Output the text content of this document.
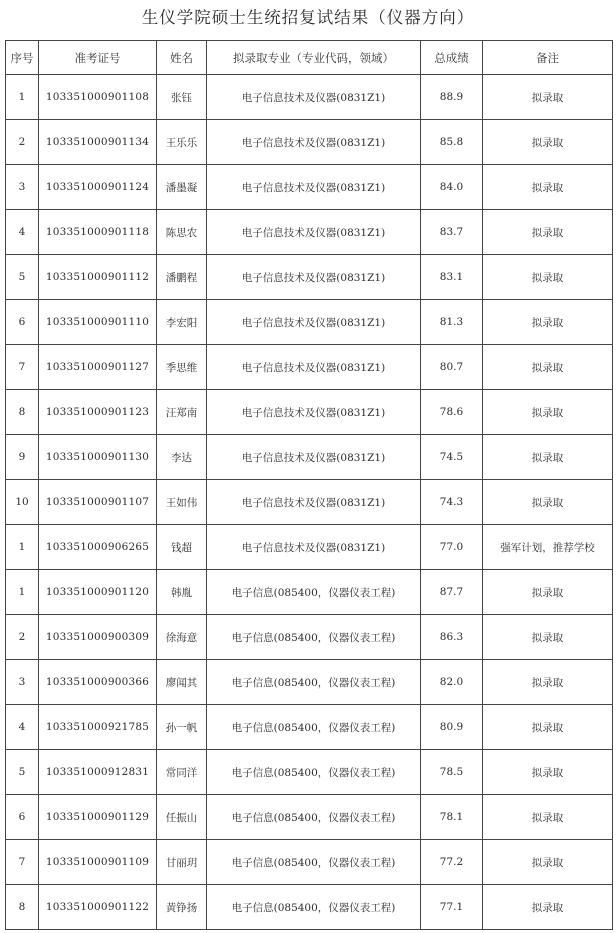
生仪学院硕士生统招复试结果（仪器方向）
序号	准考证号	姓名	拟录取专业（专业代码，领域）	总成绩	备注
1	103351000901108	张钰	电子信息技术及仪器(0831Z1)	88.9	拟录取
2	103351000901134	王乐乐	电子信息技术及仪器(0831Z1)	85.8	拟录取
3	103351000901124	潘墨凝	电子信息技术及仪器(0831Z1)	84.0	拟录取
4	103351000901118	陈思农	电子信息技术及仪器(0831Z1)	83.7	拟录取
5	103351000901112	潘鹏程	电子信息技术及仪器(0831Z1)	83.1	拟录取
6	103351000901110	李宏阳	电子信息技术及仪器(0831Z1)	81.3	拟录取
7	103351000901127	季思维	电子信息技术及仪器(0831Z1)	80.7	拟录取
8	103351000901123	汪郑南	电子信息技术及仪器(0831Z1)	78.6	拟录取
9	103351000901130	李达	电子信息技术及仪器(0831Z1)	74.5	拟录取
10	103351000901107	王如伟	电子信息技术及仪器(0831Z1)	74.3	拟录取
1	103351000906265	钱超	电子信息技术及仪器(0831Z1)	77.0	强军计划，推荐学校
1	103351000901120	韩胤	电子信息(085400，仪器仪表工程)	87.7	拟录取
2	103351000900309	徐海意	电子信息(085400，仪器仪表工程)	86.3	拟录取
3	103351000900366	廖闻其	电子信息(085400，仪器仪表工程)	82.0	拟录取
4	103351000921785	孙一帆	电子信息(085400，仪器仪表工程)	80.9	拟录取
5	103351000912831	常同洋	电子信息(085400，仪器仪表工程)	78.5	拟录取
6	103351000901129	任振山	电子信息(085400，仪器仪表工程)	78.1	拟录取
7	103351000901109	甘丽玥	电子信息(085400，仪器仪表工程)	77.2	拟录取
8	103351000901122	黄铮扬	电子信息(085400，仪器仪表工程)	77.1	拟录取
